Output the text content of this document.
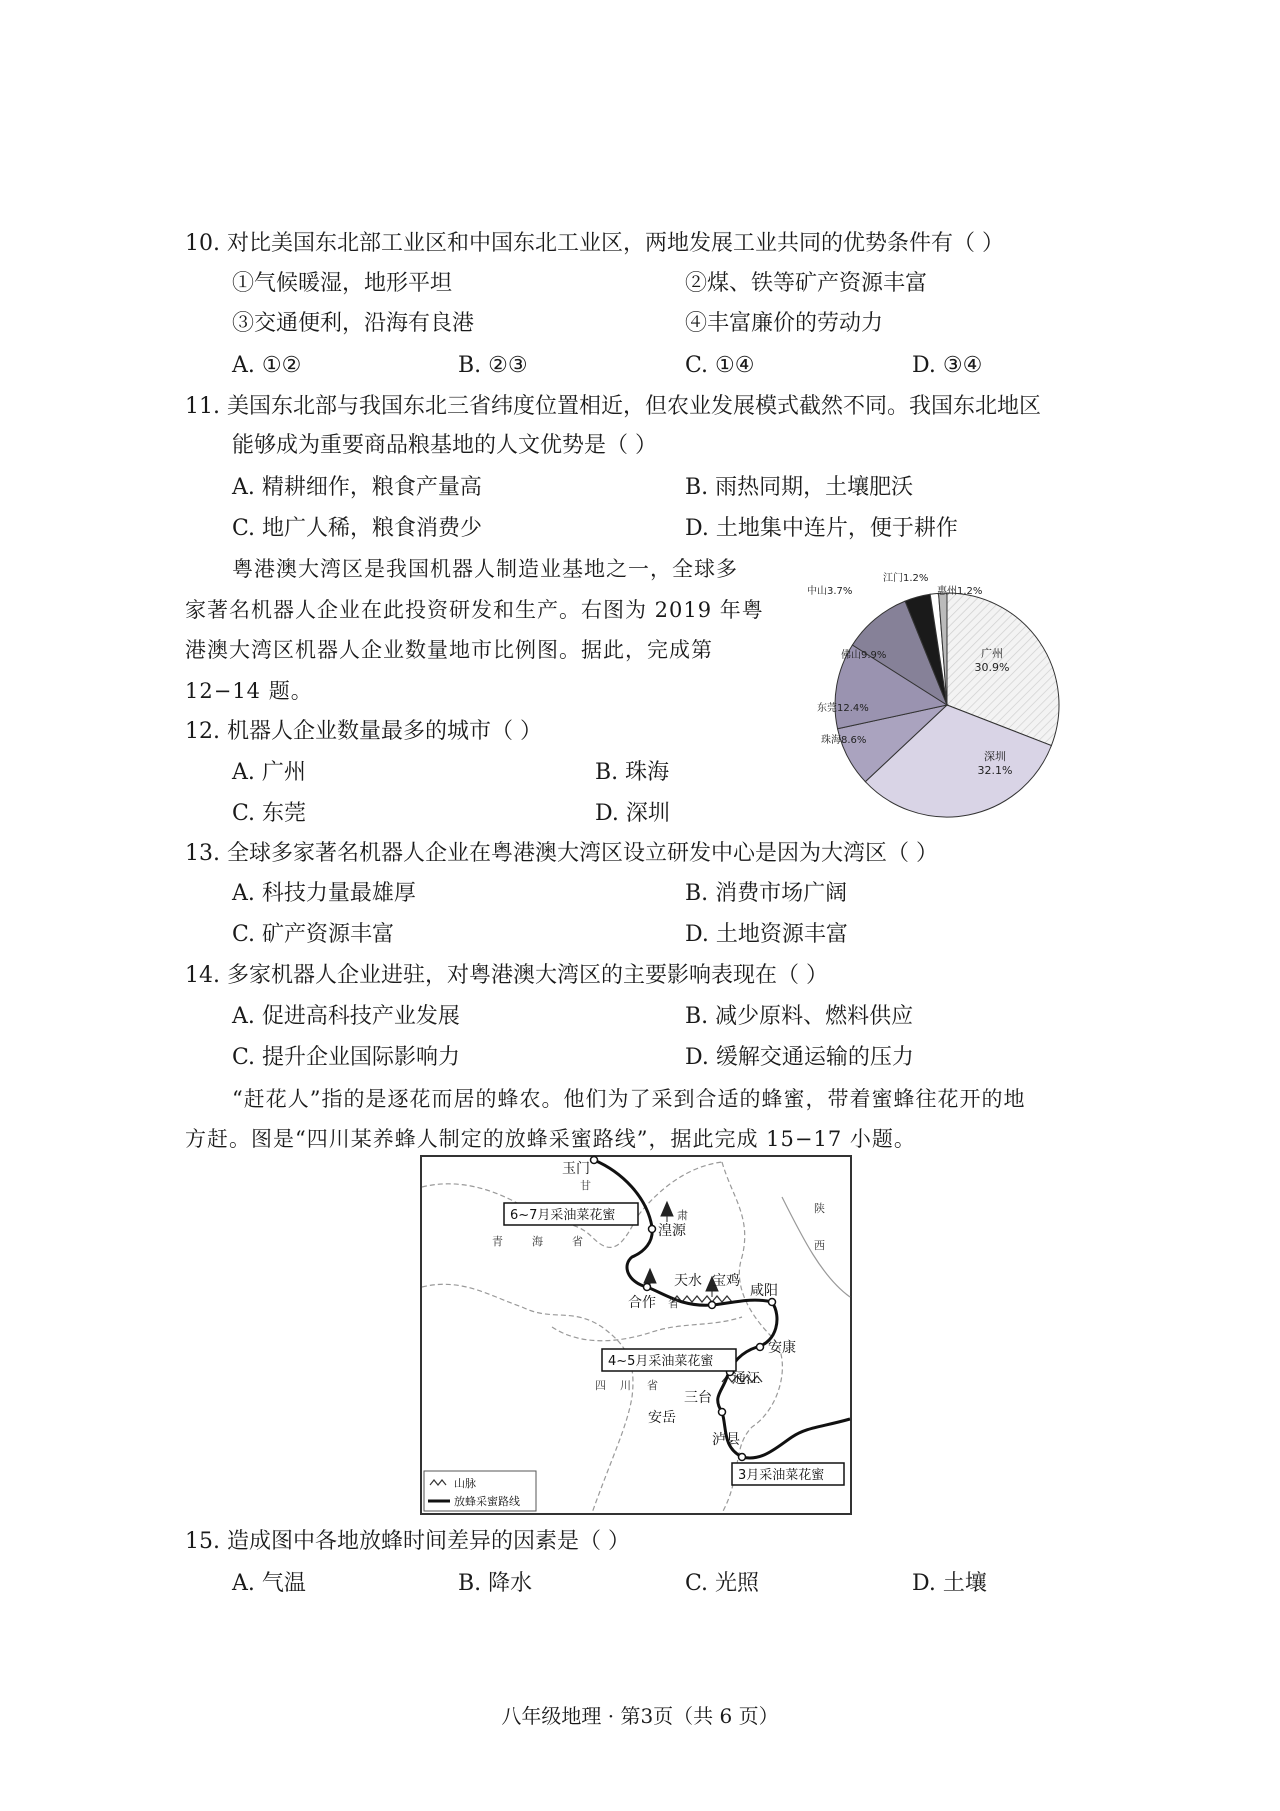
10. 对比美国东北部工业区和中国东北工业区，两地发展工业共同的优势条件有（ ）
①气候暖湿，地形平坦	②煤、铁等矿产资源丰富
③交通便利，沿海有良港	④丰富廉价的劳动力
A. ①②	B. ②③	C. ①④	D. ③④
11. 美国东北部与我国东北三省纬度位置相近，但农业发展模式截然不同。我国东北地区
能够成为重要商品粮基地的人文优势是（ ）
A. 精耕细作，粮食产量高	B. 雨热同期，土壤肥沃
C. 地广人稀，粮食消费少	D. 土地集中连片，便于耕作
粤港澳大湾区是我国机器人制造业基地之一，全球多
家著名机器人企业在此投资研发和生产。右图为 2019 年粤
港澳大湾区机器人企业数量地市比例图。据此，完成第
12−14 题。
广州
30.9%
深圳
32.1%
珠海8.6%
东莞12.4%
佛山9.9%
中山3.7%
江门1.2%
惠州1.2%
12. 机器人企业数量最多的城市（ ）
A. 广州	B. 珠海
C. 东莞	D. 深圳
13. 全球多家著名机器人企业在粤港澳大湾区设立研发中心是因为大湾区（ ）
A. 科技力量最雄厚	B. 消费市场广阔
C. 矿产资源丰富	D. 土地资源丰富
14. 多家机器人企业进驻，对粤港澳大湾区的主要影响表现在（ ）
A. 促进高科技产业发展	B. 减少原料、燃料供应
C. 提升企业国际影响力	D. 缓解交通运输的压力
“赶花人”指的是逐花而居的蜂农。他们为了采到合适的蜂蜜，带着蜜蜂往花开的地
方赶。图是“四川某养蜂人制定的放蜂采蜜路线”，据此完成 15−17 小题。
玉门
湟源
合作
天水 宝鸡
咸阳
安康
通江
三台
安岳
泸县
甘
肃
青	海	省
陕
西
四 川 省
省
6~7月采油菜花蜜
4~5月采油菜花蜜
3月采油菜花蜜
山脉
放蜂采蜜路线
15. 造成图中各地放蜂时间差异的因素是（ ）
A. 气温	B. 降水	C. 光照	D. 土壤
八年级地理 · 第3页（共 6 页）
